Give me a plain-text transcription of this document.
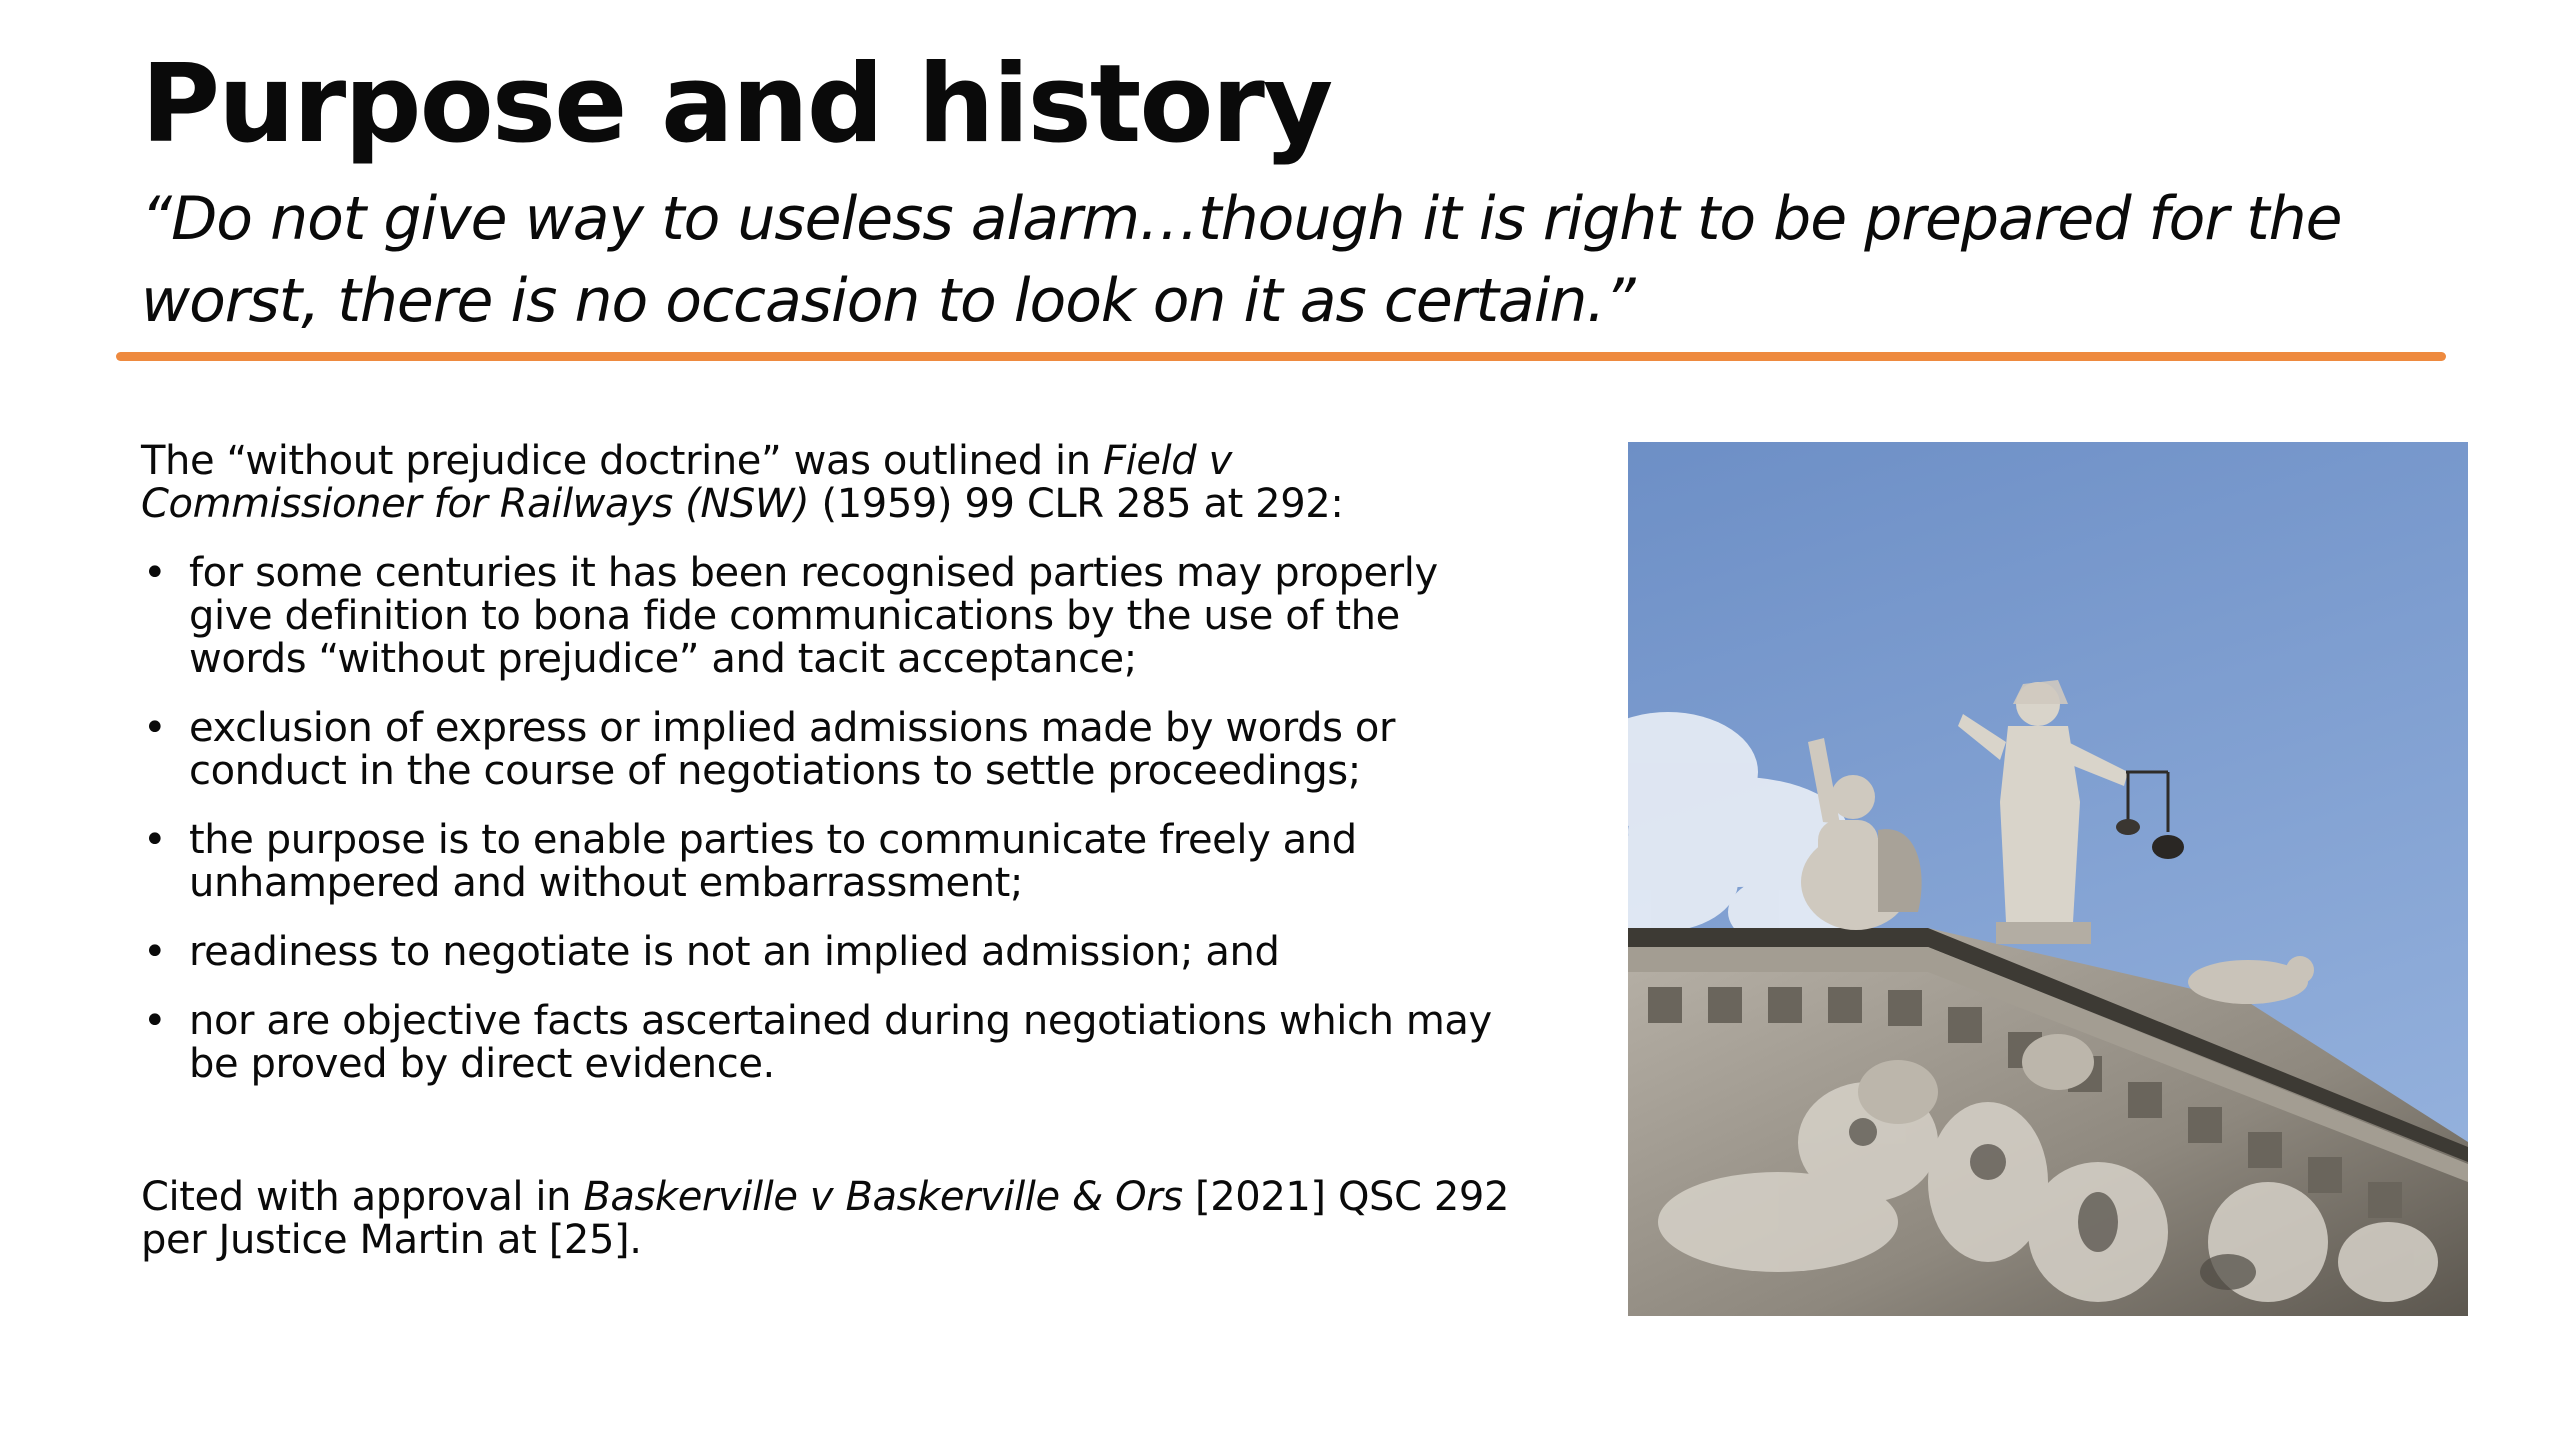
Purpose and history

“Do not give way to useless alarm…though it is right to be prepared for the
worst, there is no occasion to look on it as certain.”

The “without prejudice doctrine” was outlined in Field v Commissioner for Railways (NSW) (1959) 99 CLR 285 at 292:

• for some centuries it has been recognised parties may properly give definition to bona fide communications by the use of the words “without prejudice” and tacit acceptance;
• exclusion of express or implied admissions made by words or conduct in the course of negotiations to settle proceedings;
• the purpose is to enable parties to communicate freely and unhampered and without embarrassment;
• readiness to negotiate is not an implied admission; and
• nor are objective facts ascertained during negotiations which may be proved by direct evidence.

Cited with approval in Baskerville v Baskerville & Ors [2021] QSC 292 per Justice Martin at [25].
